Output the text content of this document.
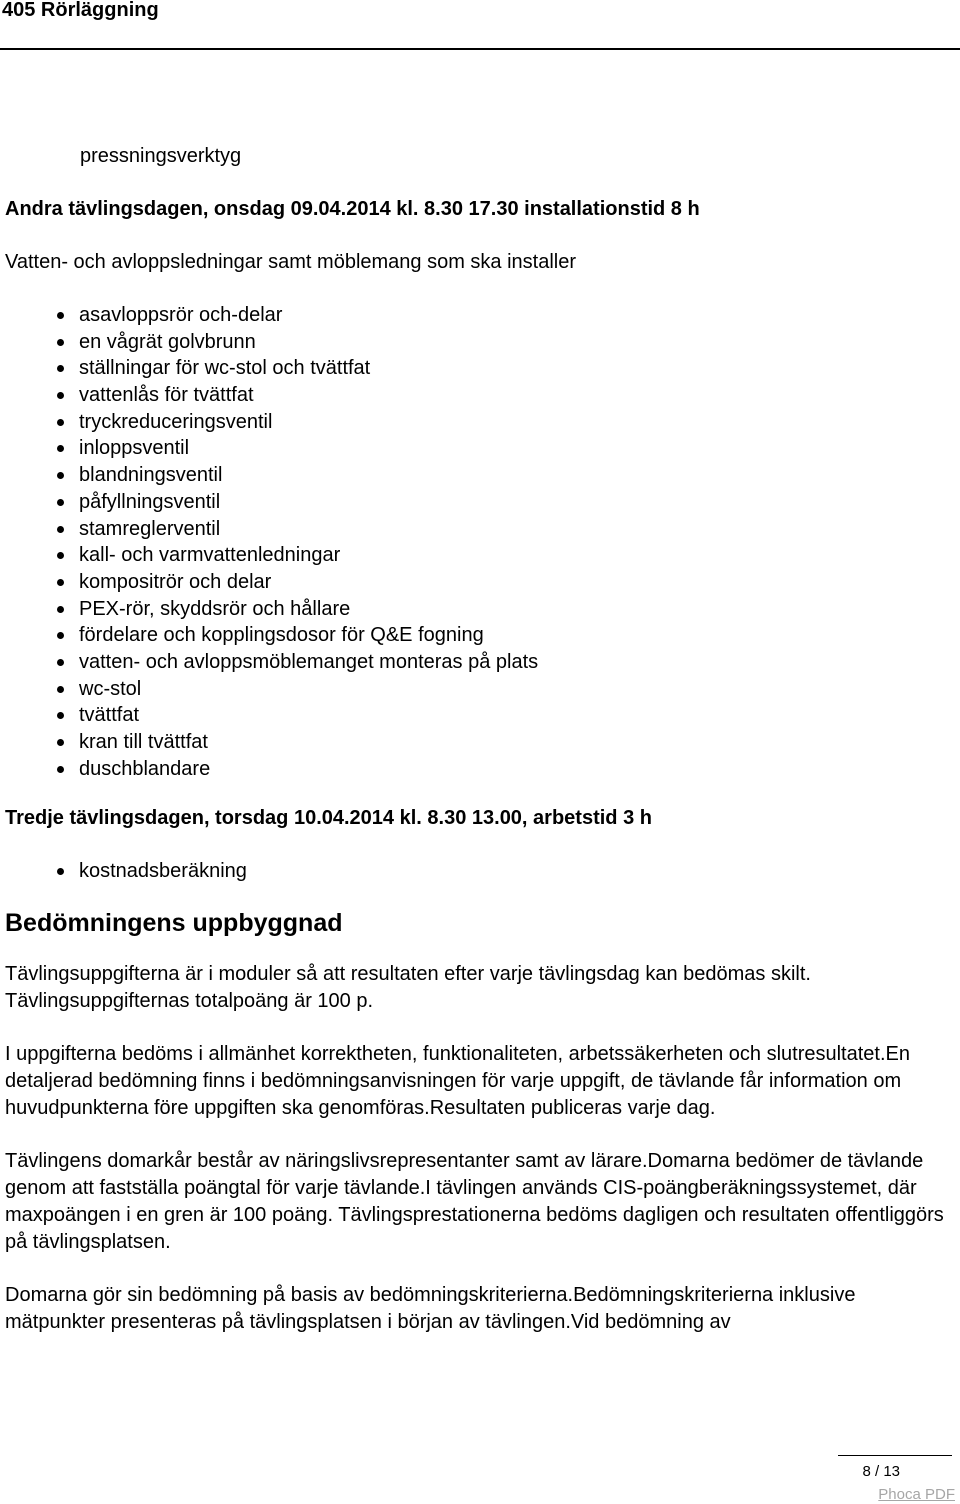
405 Rörläggning
pressningsverktyg
Andra tävlingsdagen, onsdag 09.04.2014 kl. 8.30 17.30 installationstid 8 h
Vatten- och avloppsledningar samt möblemang som ska installer
asavloppsrör och-delar
en vågrät golvbrunn
ställningar för wc-stol och tvättfat
vattenlås för tvättfat
tryckreduceringsventil
inloppsventil
blandningsventil
påfyllningsventil
stamreglerventil
kall- och varmvattenledningar
kompositrör och delar
PEX-rör, skyddsrör och hållare
fördelare och kopplingsdosor för Q&E fogning
vatten- och avloppsmöblemanget monteras på plats
wc-stol
tvättfat
kran till tvättfat
duschblandare
Tredje tävlingsdagen, torsdag 10.04.2014 kl. 8.30 13.00, arbetstid 3 h
kostnadsberäkning
Bedömningens uppbyggnad
Tävlingsuppgifterna är i moduler så att resultaten efter varje tävlingsdag kan bedömas skilt. Tävlingsuppgifternas totalpoäng är 100 p.
I uppgifterna bedöms i allmänhet korrektheten, funktionaliteten, arbetssäkerheten och slutresultatet.En detaljerad bedömning finns i bedömningsanvisningen för varje uppgift, de tävlande får information om huvudpunkterna före uppgiften ska genomföras.Resultaten publiceras varje dag.
Tävlingens domarkår består av näringslivsrepresentanter samt av lärare.Domarna bedömer de tävlande genom att fastställa poängtal för varje tävlande.I tävlingen används CIS-poängberäkningssystemet, där maxpoängen i en gren är 100 poäng. Tävlingsprestationerna bedöms dagligen och resultaten offentliggörs på tävlingsplatsen.
Domarna gör sin bedömning på basis av bedömningskriterierna.Bedömningskriterierna inklusive mätpunkter presenteras på tävlingsplatsen i början av tävlingen.Vid bedömning av
8 / 13
Phoca PDF
